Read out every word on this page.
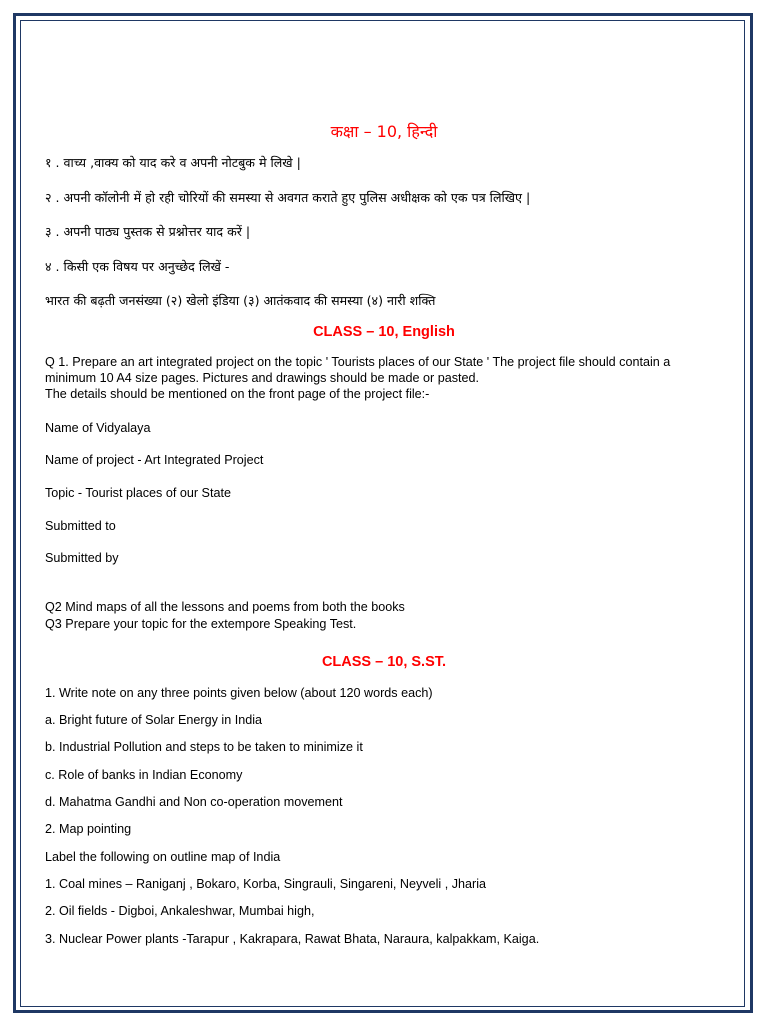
कक्षा – 10, हिन्दी
१ . वाच्य ,वाक्य को याद करे व अपनी नोटबुक मे लिखे |
२ . अपनी कॉलोनी में हो रही चोरियों की समस्या से अवगत कराते हुए पुलिस अधीक्षक को एक पत्र लिखिए |
३ . अपनी पाठ्य पुस्तक से प्रश्नोत्तर याद करें |
४ . किसी एक विषय पर अनुच्छेद लिखें -
भारत की बढ़ती जनसंख्या (२) खेलो इंडिया (३) आतंकवाद की समस्या (४) नारी शक्ति
CLASS – 10, English
Q 1. Prepare an art integrated project on the topic ' Tourists places of our State ' The project file should contain a
minimum 10 A4 size pages. Pictures and drawings should be made or pasted.
The details should be mentioned on the front page of the project file:-
Name of Vidyalaya
Name of project - Art Integrated Project
Topic - Tourist places of our State
Submitted to
Submitted by
Q2 Mind maps of all the lessons and poems from both the books
Q3 Prepare your topic for the extempore Speaking Test.
CLASS – 10, S.ST.
1. Write note on any three points given below (about 120 words each)
a. Bright future of Solar Energy in India
b. Industrial Pollution and steps to be taken to minimize it
c. Role of banks in Indian Economy
d. Mahatma Gandhi and Non co-operation movement
2. Map pointing
Label the following on outline map of India
1. Coal mines – Raniganj , Bokaro, Korba, Singrauli, Singareni, Neyveli , Jharia
2. Oil fields - Digboi, Ankaleshwar, Mumbai high,
3. Nuclear Power plants -Tarapur , Kakrapara, Rawat Bhata, Naraura, kalpakkam, Kaiga.
